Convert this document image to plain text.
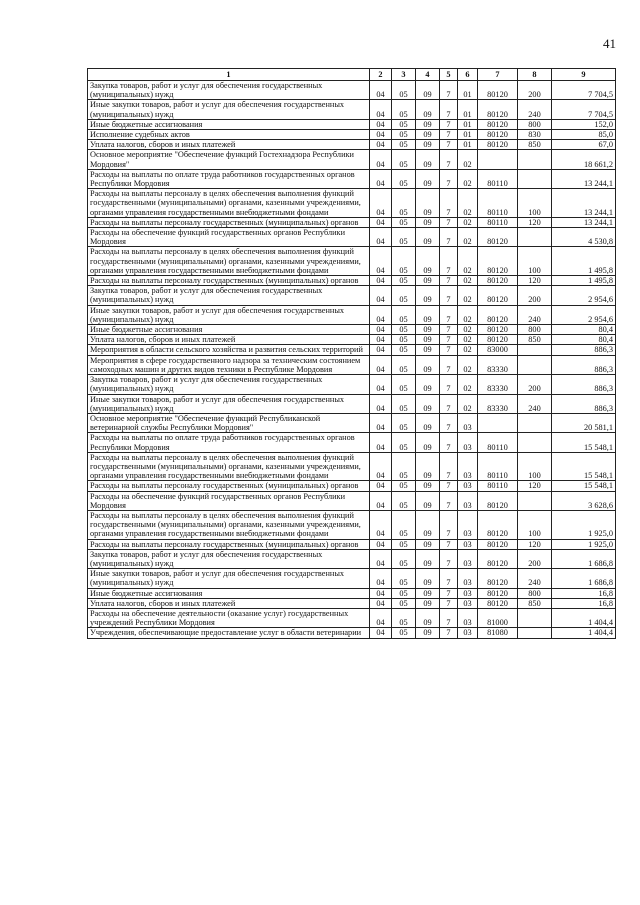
41
1	2	3	4	5	6	7	8	9
Закупка товаров, работ и услуг для обеспечения государственных (муниципальных) нужд	04	05	09	7	01	80120	200	7 704,5
Иные закупки товаров, работ и услуг для обеспечения государственных (муниципальных) нужд	04	05	09	7	01	80120	240	7 704,5
Иные бюджетные ассигнования	04	05	09	7	01	80120	800	152,0
Исполнение судебных актов	04	05	09	7	01	80120	830	85,0
Уплата налогов, сборов и иных платежей	04	05	09	7	01	80120	850	67,0
Основное мероприятие "Обеспечение функций Гостехнадзора Республики Мордовия"	04	05	09	7	02			18 661,2
Расходы на выплаты по оплате труда работников государственных органов Республики Мордовия	04	05	09	7	02	80110		13 244,1
Расходы на выплаты персоналу в целях обеспечения выполнения функций государственными (муниципальными) органами, казенными учреждениями, органами управления государственными внебюджетными фондами	04	05	09	7	02	80110	100	13 244,1
Расходы на выплаты персоналу государственных (муниципальных) органов	04	05	09	7	02	80110	120	13 244,1
Расходы на обеспечение функций государственных органов Республики Мордовия	04	05	09	7	02	80120		4 530,8
Расходы на выплаты персоналу в целях обеспечения выполнения функций государственными (муниципальными) органами, казенными учреждениями, органами управления государственными внебюджетными фондами	04	05	09	7	02	80120	100	1 495,8
Расходы на выплаты персоналу государственных (муниципальных) органов	04	05	09	7	02	80120	120	1 495,8
Закупка товаров, работ и услуг для обеспечения государственных (муниципальных) нужд	04	05	09	7	02	80120	200	2 954,6
Иные закупки товаров, работ и услуг для обеспечения государственных (муниципальных) нужд	04	05	09	7	02	80120	240	2 954,6
Иные бюджетные ассигнования	04	05	09	7	02	80120	800	80,4
Уплата налогов, сборов и иных платежей	04	05	09	7	02	80120	850	80,4
Мероприятия в области сельского хозяйства и развития сельских территорий	04	05	09	7	02	83000		886,3
Мероприятия в сфере государственного надзора за техническим состоянием самоходных машин и других видов техники в Республике Мордовия	04	05	09	7	02	83330		886,3
Закупка товаров, работ и услуг для обеспечения государственных (муниципальных) нужд	04	05	09	7	02	83330	200	886,3
Иные закупки товаров, работ и услуг для обеспечения государственных (муниципальных) нужд	04	05	09	7	02	83330	240	886,3
Основное мероприятие "Обеспечение функций Республиканской ветеринарной службы Республики Мордовия"	04	05	09	7	03			20 581,1
Расходы на выплаты по оплате труда работников государственных органов Республики Мордовия	04	05	09	7	03	80110		15 548,1
Расходы на выплаты персоналу в целях обеспечения выполнения функций государственными (муниципальными) органами, казенными учреждениями, органами управления государственными внебюджетными фондами	04	05	09	7	03	80110	100	15 548,1
Расходы на выплаты персоналу государственных (муниципальных) органов	04	05	09	7	03	80110	120	15 548,1
Расходы на обеспечение функций государственных органов Республики Мордовия	04	05	09	7	03	80120		3 628,6
Расходы на выплаты персоналу в целях обеспечения выполнения функций государственными (муниципальными) органами, казенными учреждениями, органами управления государственными внебюджетными фондами	04	05	09	7	03	80120	100	1 925,0
Расходы на выплаты персоналу государственных (муниципальных) органов	04	05	09	7	03	80120	120	1 925,0
Закупка товаров, работ и услуг для обеспечения государственных (муниципальных) нужд	04	05	09	7	03	80120	200	1 686,8
Иные закупки товаров, работ и услуг для обеспечения государственных (муниципальных) нужд	04	05	09	7	03	80120	240	1 686,8
Иные бюджетные ассигнования	04	05	09	7	03	80120	800	16,8
Уплата налогов, сборов и иных платежей	04	05	09	7	03	80120	850	16,8
Расходы на обеспечение деятельности (оказание услуг) государственных учреждений Республики Мордовия	04	05	09	7	03	81000		1 404,4
Учреждения, обеспечивающие предоставление услуг в области ветеринарии	04	05	09	7	03	81080		1 404,4
